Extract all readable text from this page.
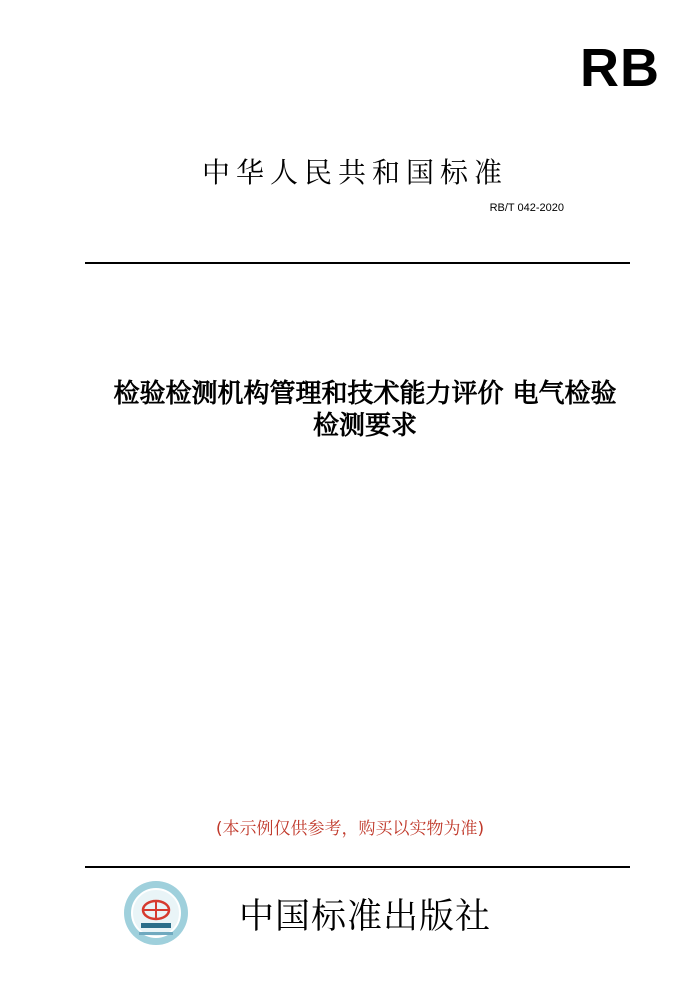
RB
中华人民共和国标准
RB/T 042-2020
检验检测机构管理和技术能力评价 电气检验
检测要求
(本示例仅供参考，购买以实物为准)
中国标准出版社
